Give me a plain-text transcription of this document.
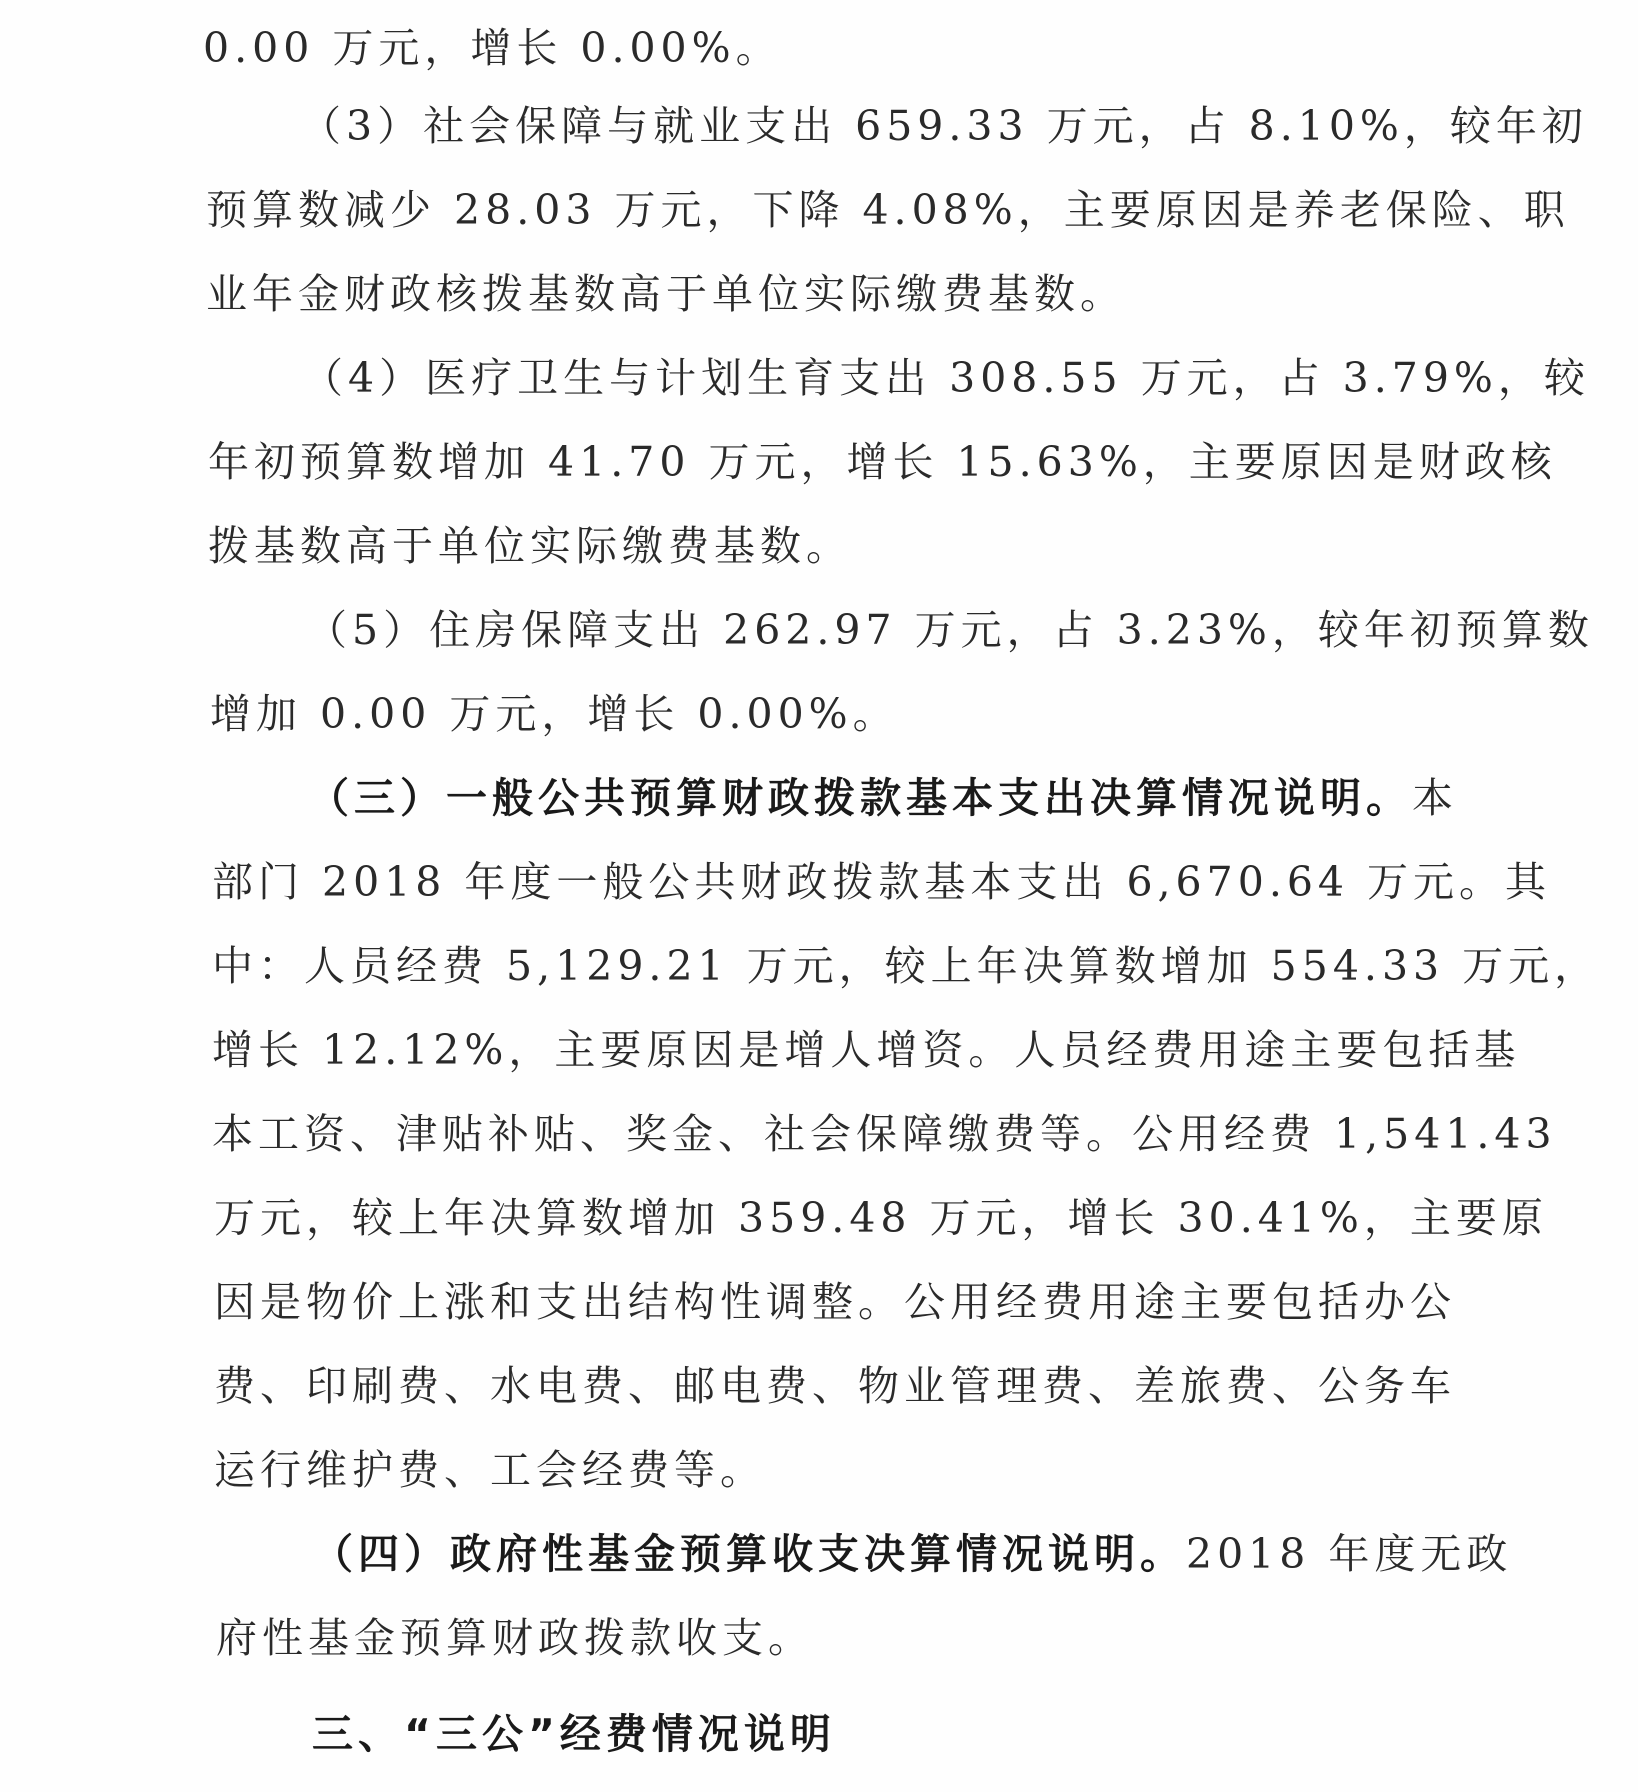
0.00 万元，增长 0.00%。
（3）社会保障与就业支出 659.33 万元，占 8.10%，较年初
预算数减少 28.03 万元，下降 4.08%，主要原因是养老保险、职
业年金财政核拨基数高于单位实际缴费基数。
（4）医疗卫生与计划生育支出 308.55 万元，占 3.79%，较
年初预算数增加 41.70 万元，增长 15.63%，主要原因是财政核
拨基数高于单位实际缴费基数。
（5）住房保障支出 262.97 万元，占 3.23%，较年初预算数
增加 0.00 万元，增长 0.00%。
（三）一般公共预算财政拨款基本支出决算情况说明。本
部门 2018 年度一般公共财政拨款基本支出 6,670.64 万元。其
中：人员经费 5,129.21 万元，较上年决算数增加 554.33 万元，
增长 12.12%，主要原因是增人增资。人员经费用途主要包括基
本工资、津贴补贴、奖金、社会保障缴费等。公用经费 1,541.43
万元，较上年决算数增加 359.48 万元，增长 30.41%，主要原
因是物价上涨和支出结构性调整。公用经费用途主要包括办公
费、印刷费、水电费、邮电费、物业管理费、差旅费、公务车
运行维护费、工会经费等。
（四）政府性基金预算收支决算情况说明。2018 年度无政
府性基金预算财政拨款收支。
三、“三公”经费情况说明
